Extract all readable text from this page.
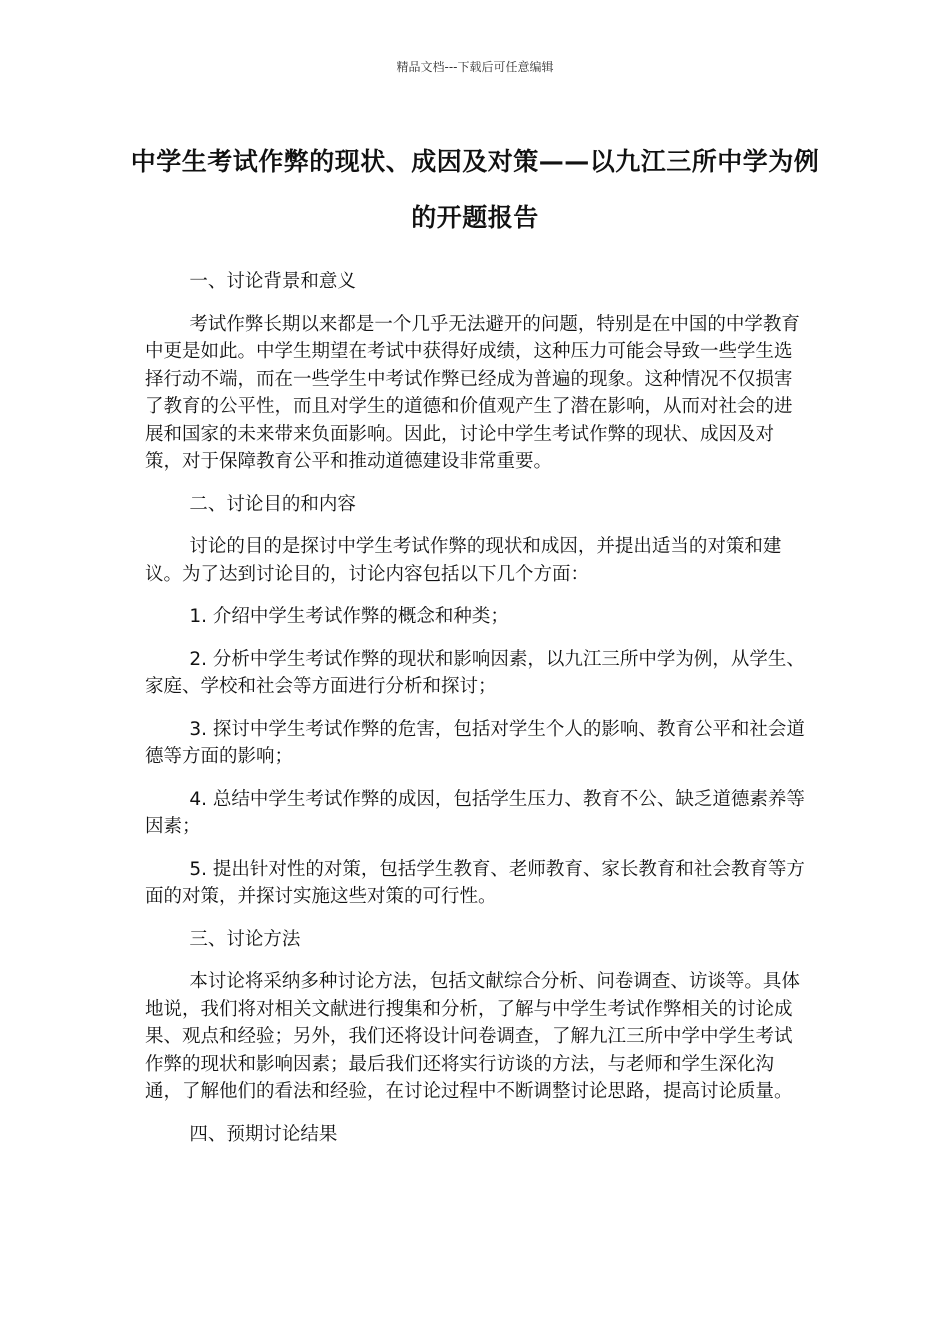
精品文档---下载后可任意编辑
中学生考试作弊的现状、成因及对策——以九江三所中学为例的开题报告

一、讨论背景和意义

考试作弊长期以来都是一个几乎无法避开的问题，特别是在中国的中学教育中更是如此。中学生期望在考试中获得好成绩，这种压力可能会导致一些学生选择行动不端，而在一些学生中考试作弊已经成为普遍的现象。这种情况不仅损害了教育的公平性，而且对学生的道德和价值观产生了潜在影响，从而对社会的进展和国家的未来带来负面影响。因此，讨论中学生考试作弊的现状、成因及对策，对于保障教育公平和推动道德建设非常重要。

二、讨论目的和内容

讨论的目的是探讨中学生考试作弊的现状和成因，并提出适当的对策和建议。为了达到讨论目的，讨论内容包括以下几个方面：

1. 介绍中学生考试作弊的概念和种类；

2. 分析中学生考试作弊的现状和影响因素，以九江三所中学为例，从学生、家庭、学校和社会等方面进行分析和探讨；

3. 探讨中学生考试作弊的危害，包括对学生个人的影响、教育公平和社会道德等方面的影响；

4. 总结中学生考试作弊的成因，包括学生压力、教育不公、缺乏道德素养等因素；

5. 提出针对性的对策，包括学生教育、老师教育、家长教育和社会教育等方面的对策，并探讨实施这些对策的可行性。

三、讨论方法

本讨论将采纳多种讨论方法，包括文献综合分析、问卷调查、访谈等。具体地说，我们将对相关文献进行搜集和分析，了解与中学生考试作弊相关的讨论成果、观点和经验；另外，我们还将设计问卷调查，了解九江三所中学中学生考试作弊的现状和影响因素；最后我们还将实行访谈的方法，与老师和学生深化沟通，了解他们的看法和经验，在讨论过程中不断调整讨论思路，提高讨论质量。

四、预期讨论结果
